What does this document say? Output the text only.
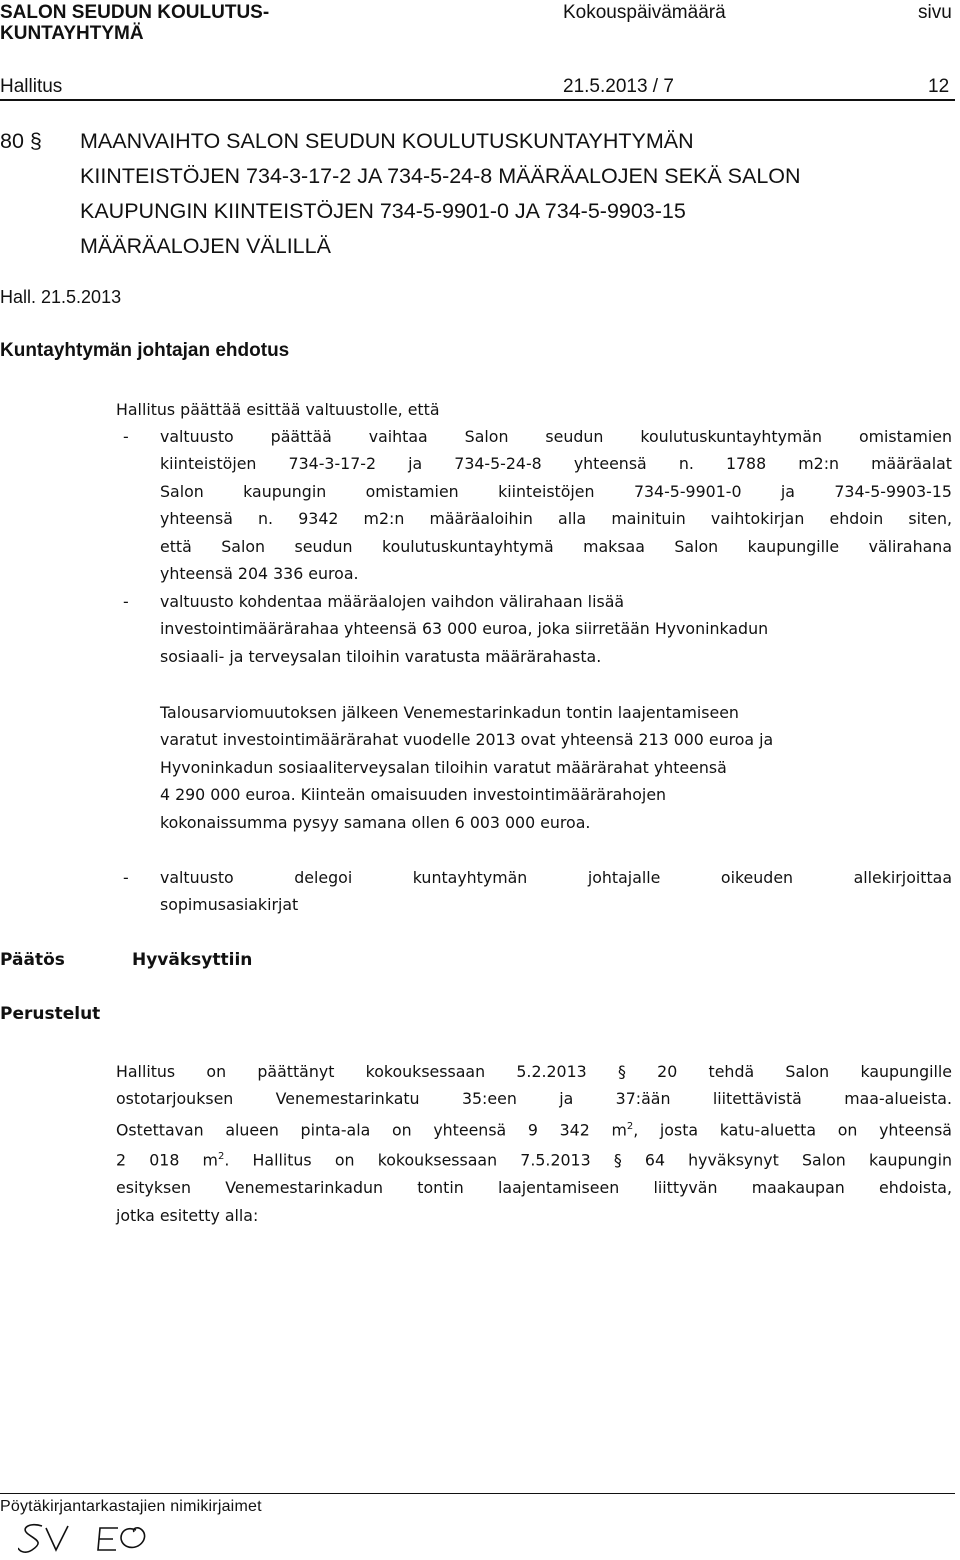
SALON SEUDUN KOULUTUS-
KUNTAYHTYMÄ
Kokouspäivämäärä	sivu
Hallitus	21.5.2013 / 7	12
80 § MAANVAIHTO SALON SEUDUN KOULUTUSKUNTAYHTYMÄN
KIINTEISTÖJEN 734-3-17-2 JA 734-5-24-8 MÄÄRÄALOJEN SEKÄ SALON
KAUPUNGIN KIINTEISTÖJEN 734-5-9901-0 JA 734-5-9903-15
MÄÄRÄALOJEN VÄLILLÄ
Hall. 21.5.2013
Kuntayhtymän johtajan ehdotus
Hallitus päättää esittää valtuustolle, että
- valtuusto päättää vaihtaa Salon seudun koulutuskuntayhtymän omistamien
kiinteistöjen 734-3-17-2 ja 734-5-24-8 yhteensä n. 1788 m2:n määräalat
Salon kaupungin omistamien kiinteistöjen 734-5-9901-0 ja 734-5-9903-15
yhteensä n. 9342 m2:n määräaloihin alla mainituin vaihtokirjan ehdoin siten,
että Salon seudun koulutuskuntayhtymä maksaa Salon kaupungille välirahana
yhteensä 204 336 euroa.
- valtuusto kohdentaa määräalojen vaihdon välirahaan lisää
investointimäärärahaa yhteensä 63 000 euroa, joka siirretään Hyvoninkadun
sosiaali- ja terveysalan tiloihin varatusta määrärahasta.
Talousarviomuutoksen jälkeen Venemestarinkadun tontin laajentamiseen
varatut investointimäärärahat vuodelle 2013 ovat yhteensä 213 000 euroa ja
Hyvoninkadun sosiaaliterveysalan tiloihin varatut määrärahat yhteensä
4 290 000 euroa. Kiinteän omaisuuden investointimäärärahojen
kokonaissumma pysyy samana ollen 6 003 000 euroa.
- valtuusto delegoi kuntayhtymän johtajalle oikeuden allekirjoittaa
sopimusasiakirjat
Päätös	Hyväksyttiin
Perustelut
Hallitus on päättänyt kokouksessaan 5.2.2013 § 20 tehdä Salon kaupungille
ostotarjouksen Venemestarinkatu 35:een ja 37:ään liitettävistä maa-alueista.
Ostettavan alueen pinta-ala on yhteensä 9 342 $m^2$, josta katu-aluetta on yhteensä
2 018 $m^2$. Hallitus on kokouksessaan 7.5.2013 § 64 hyväksynyt Salon kaupungin
esityksen Venemestarinkadun tontin laajentamiseen liittyvän maakaupan ehdoista,
jotka esitetty alla:
Pöytäkirjantarkastajien nimikirjaimet
